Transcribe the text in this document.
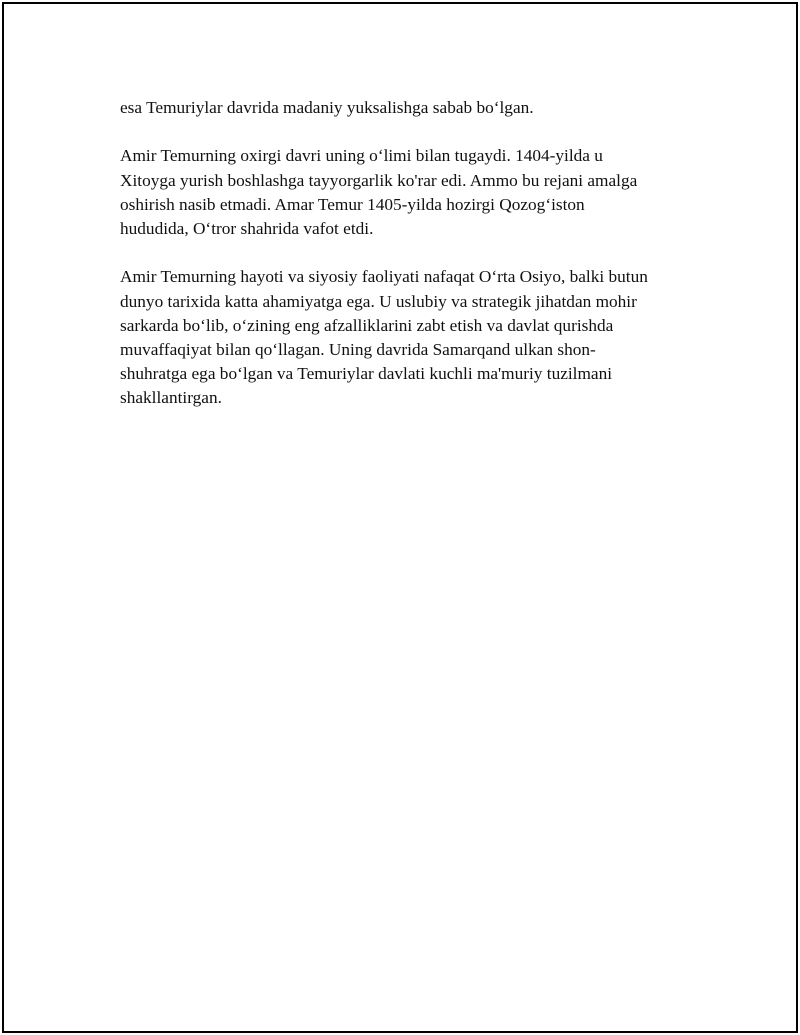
esa Temuriylar davrida madaniy yuksalishga sabab bo‘lgan.

Amir Temurning oxirgi davri uning o‘limi bilan tugaydi. 1404-yilda u
Xitoyga yurish boshlashga tayyorgarlik ko'rar edi. Ammo bu rejani amalga
oshirish nasib etmadi. Amar Temur 1405-yilda hozirgi Qozog‘iston
hududida, O‘tror shahrida vafot etdi.

Amir Temurning hayoti va siyosiy faoliyati nafaqat O‘rta Osiyo, balki butun
dunyo tarixida katta ahamiyatga ega. U uslubiy va strategik jihatdan mohir
sarkarda bo‘lib, o‘zining eng afzalliklarini zabt etish va davlat qurishda
muvaffaqiyat bilan qo‘llagan. Uning davrida Samarqand ulkan shon-
shuhratga ega bo‘lgan va Temuriylar davlati kuchli ma'muriy tuzilmani
shakllantirgan.
